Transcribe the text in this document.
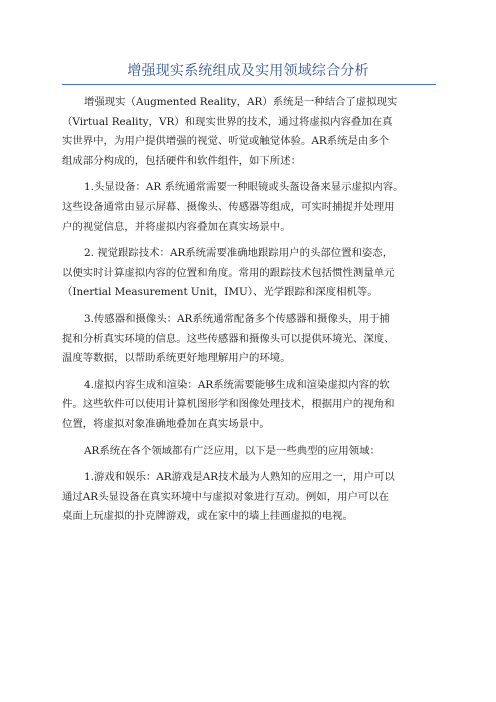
增强现实系统组成及实用领域综合分析

增强现实（Augmented Reality，AR）系统是一种结合了虚拟现实
（Virtual Reality，VR）和现实世界的技术，通过将虚拟内容叠加在真
实世界中，为用户提供增强的视觉、听觉或触觉体验。AR系统是由多个
组成部分构成的，包括硬件和软件组件，如下所述：

1.头显设备：AR 系统通常需要一种眼镜或头盔设备来显示虚拟内容。
这些设备通常由显示屏幕、摄像头、传感器等组成，可实时捕捉并处理用
户的视觉信息，并将虚拟内容叠加在真实场景中。

2. 视觉跟踪技术：AR系统需要准确地跟踪用户的头部位置和姿态，
以便实时计算虚拟内容的位置和角度。常用的跟踪技术包括惯性测量单元
（Inertial Measurement Unit，IMU）、光学跟踪和深度相机等。

3.传感器和摄像头：AR系统通常配备多个传感器和摄像头，用于捕
捉和分析真实环境的信息。这些传感器和摄像头可以提供环境光、深度、
温度等数据，以帮助系统更好地理解用户的环境。

4.虚拟内容生成和渲染：AR系统需要能够生成和渲染虚拟内容的软
件。这些软件可以使用计算机图形学和图像处理技术，根据用户的视角和
位置，将虚拟对象准确地叠加在真实场景中。

AR系统在各个领域都有广泛应用，以下是一些典型的应用领域：

1.游戏和娱乐：AR游戏是AR技术最为人熟知的应用之一，用户可以
通过AR头显设备在真实环境中与虚拟对象进行互动。例如，用户可以在
桌面上玩虚拟的扑克牌游戏，或在家中的墙上挂画虚拟的电视。
